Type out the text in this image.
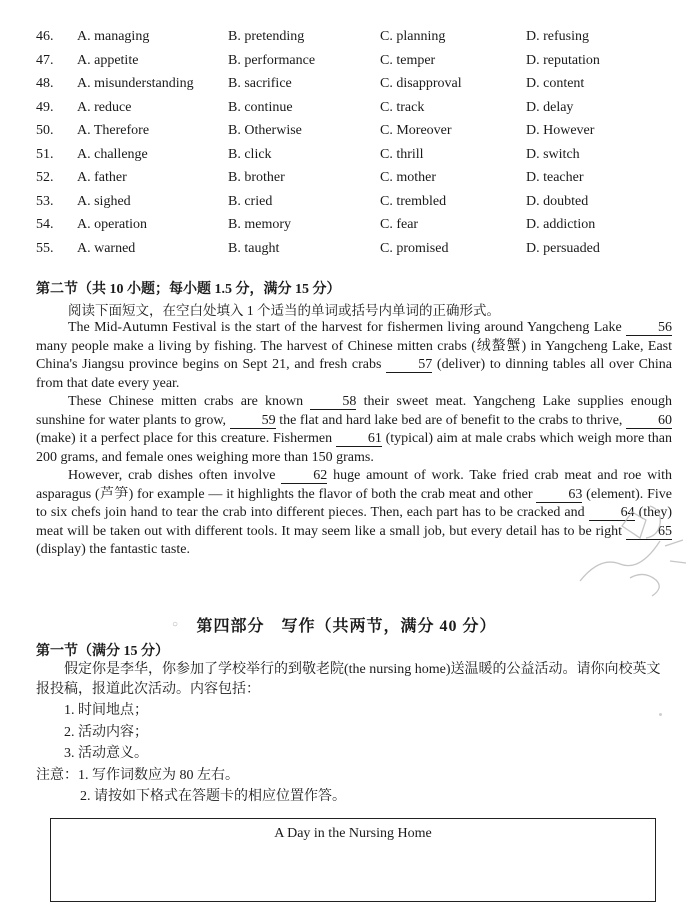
46. A. managing	B. pretending	C. planning	D. refusing
47. A. appetite	B. performance	C. temper	D. reputation
48. A. misunderstanding B. sacrifice	C. disapproval	D. content
49. A. reduce	B. continue	C. track	D. delay
50. A. Therefore	B. Otherwise	C. Moreover	D. However
51. A. challenge	B. click	C. thrill	D. switch
52. A. father	B. brother	C. mother	D. teacher
53. A. sighed	B. cried	C. trembled	D. doubted
54. A. operation	B. memory	C. fear	D. addiction
55. A. warned	B. taught	C. promised	D. persuaded
第二节（共 10 小题；每小题 1.5 分，满分 15 分）
阅读下面短文，在空白处填入 1 个适当的单词或括号内单词的正确形式。

The Mid-Autumn Festival is the start of the harvest for fishermen living around Yangcheng Lake	56 many people make a living by fishing. The harvest of Chinese mitten crabs (绒螯蟹) in Yangcheng Lake, East China's Jiangsu province begins on Sept 21, and fresh crabs	57 (deliver) to dinning tables all over China from that date every year.

These Chinese mitten crabs are known	58 their sweet meat. Yangcheng Lake supplies enough sunshine for water plants to grow,	59 the flat and hard lake bed are of benefit to the crabs to thrive,	60 (make) it a perfect place for this creature. Fishermen	61 (typical) aim at male crabs which weigh more than 200 grams, and female ones weighing more than 150 grams.

However, crab dishes often involve	62 huge amount of work. Take fried crab meat and roe with asparagus (芦笋) for example — it highlights the flavor of both the crab meat and other	63 (element). Five to six chefs join hand to tear the crab into different pieces. Then, each part has to be cracked and	64 (they) meat will be taken out with different tools. It may seem like a small job, but every detail has to be right	65 (display) the fantastic taste.

○	第四部分　写作（共两节，满分 40 分）
第一节（满分 15 分）
假定你是李华，你参加了学校举行的到敬老院(the nursing home)送温暖的公益活动。请你向校英文报投稿，报道此次活动。内容包括：
1. 时间地点；
2. 活动内容；
3. 活动意义。
注意：1. 写作词数应为 80 左右。
2. 请按如下格式在答题卡的相应位置作答。
A Day in the Nursing Home
